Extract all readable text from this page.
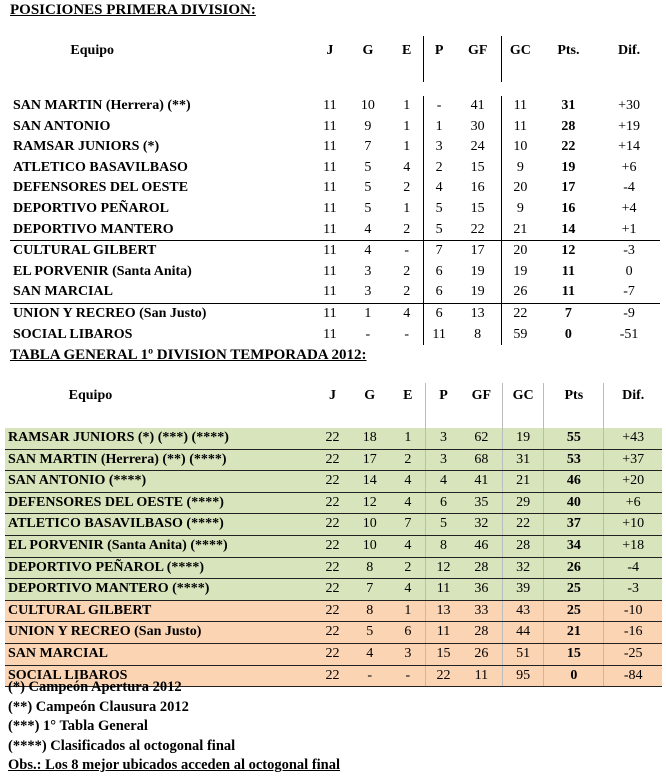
POSICIONES PRIMERA DIVISION:
Equipo	J	G	E	P	GF	GC	Pts.	Dif.

SAN MARTIN (Herrera) (**)	11	10	1	-	41	11	31	+30
SAN ANTONIO	11	9	1	1	30	11	28	+19
RAMSAR JUNIORS (*)	11	7	1	3	24	10	22	+14
ATLETICO BASAVILBASO	11	5	4	2	15	9	19	+6
DEFENSORES DEL OESTE	11	5	2	4	16	20	17	-4
DEPORTIVO PEÑAROL	11	5	1	5	15	9	16	+4
DEPORTIVO MANTERO	11	4	2	5	22	21	14	+1
CULTURAL GILBERT	11	4	-	7	17	20	12	-3
EL PORVENIR (Santa Anita)	11	3	2	6	19	19	11	0
SAN MARCIAL	11	3	2	6	19	26	11	-7
UNION Y RECREO (San Justo)	11	1	4	6	13	22	7	-9
SOCIAL LIBAROS	11	-	-	11	8	59	0	-51
TABLA GENERAL 1º DIVISION TEMPORADA 2012:
Equipo	J	G	E	P	GF	GC	Pts	Dif.
RAMSAR JUNIORS (*) (***) (****)	22	18	1	3	62	19	55	+43
SAN MARTIN (Herrera) (**) (****)	22	17	2	3	68	31	53	+37
SAN ANTONIO (****)	22	14	4	4	41	21	46	+20
DEFENSORES DEL OESTE (****)	22	12	4	6	35	29	40	+6
ATLETICO BASAVILBASO (****)	22	10	7	5	32	22	37	+10
EL PORVENIR (Santa Anita) (****)	22	10	4	8	46	28	34	+18
DEPORTIVO PEÑAROL (****)	22	8	2	12	28	32	26	-4
DEPORTIVO MANTERO (****)	22	7	4	11	36	39	25	-3
CULTURAL GILBERT	22	8	1	13	33	43	25	-10
UNION Y RECREO (San Justo)	22	5	6	11	28	44	21	-16
SAN MARCIAL	22	4	3	15	26	51	15	-25
SOCIAL LIBAROS	22	-	-	22	11	95	0	-84
(*) Campeón Apertura 2012
(**) Campeón Clausura 2012
(***) 1° Tabla General
(****) Clasificados al octogonal final
Obs.: Los 8 mejor ubicados acceden al octogonal final
